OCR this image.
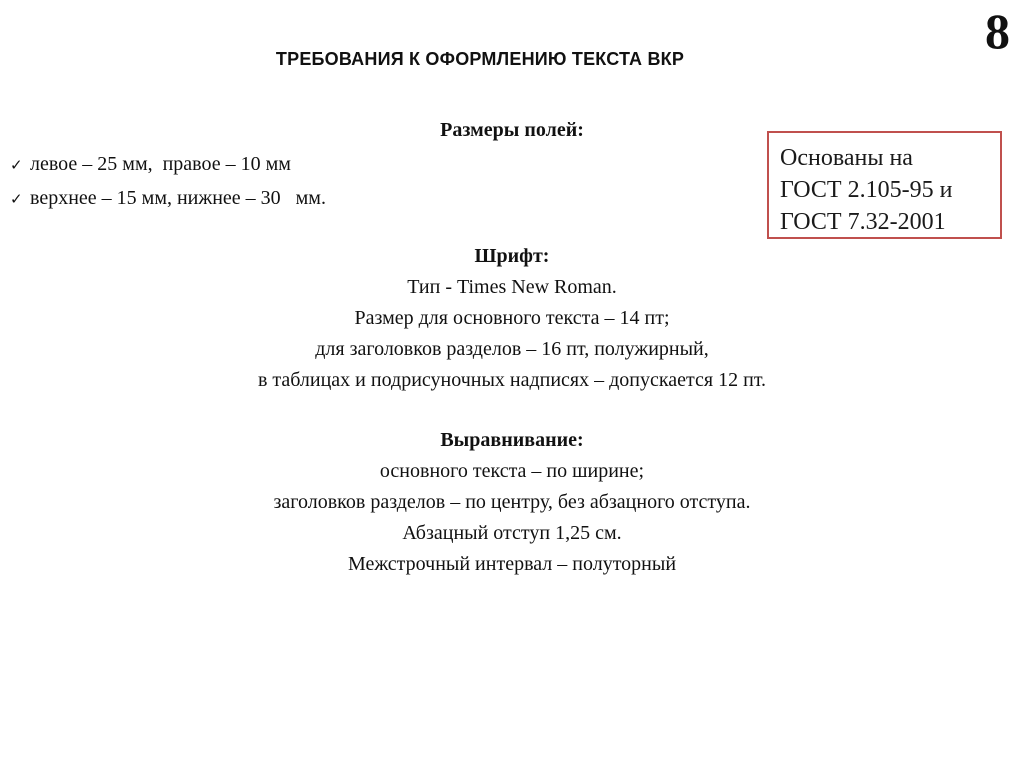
8
ТРЕБОВАНИЯ К ОФОРМЛЕНИЮ ТЕКСТА ВКР
Размеры полей:
✓ левое – 25 мм,  правое – 10 мм
✓ верхнее – 15 мм, нижнее – 30   мм.
Основаны на
ГОСТ 2.105-95 и
ГОСТ 7.32-2001
Шрифт:
Тип - Times New Roman.
Размер для основного текста – 14 пт;
для заголовков разделов – 16 пт, полужирный,
в таблицах и подрисуночных надписях – допускается 12 пт.
Выравнивание:
основного текста – по ширине;
заголовков разделов – по центру, без абзацного отступа.
Абзацный отступ 1,25 см.
Межстрочный интервал – полуторный
